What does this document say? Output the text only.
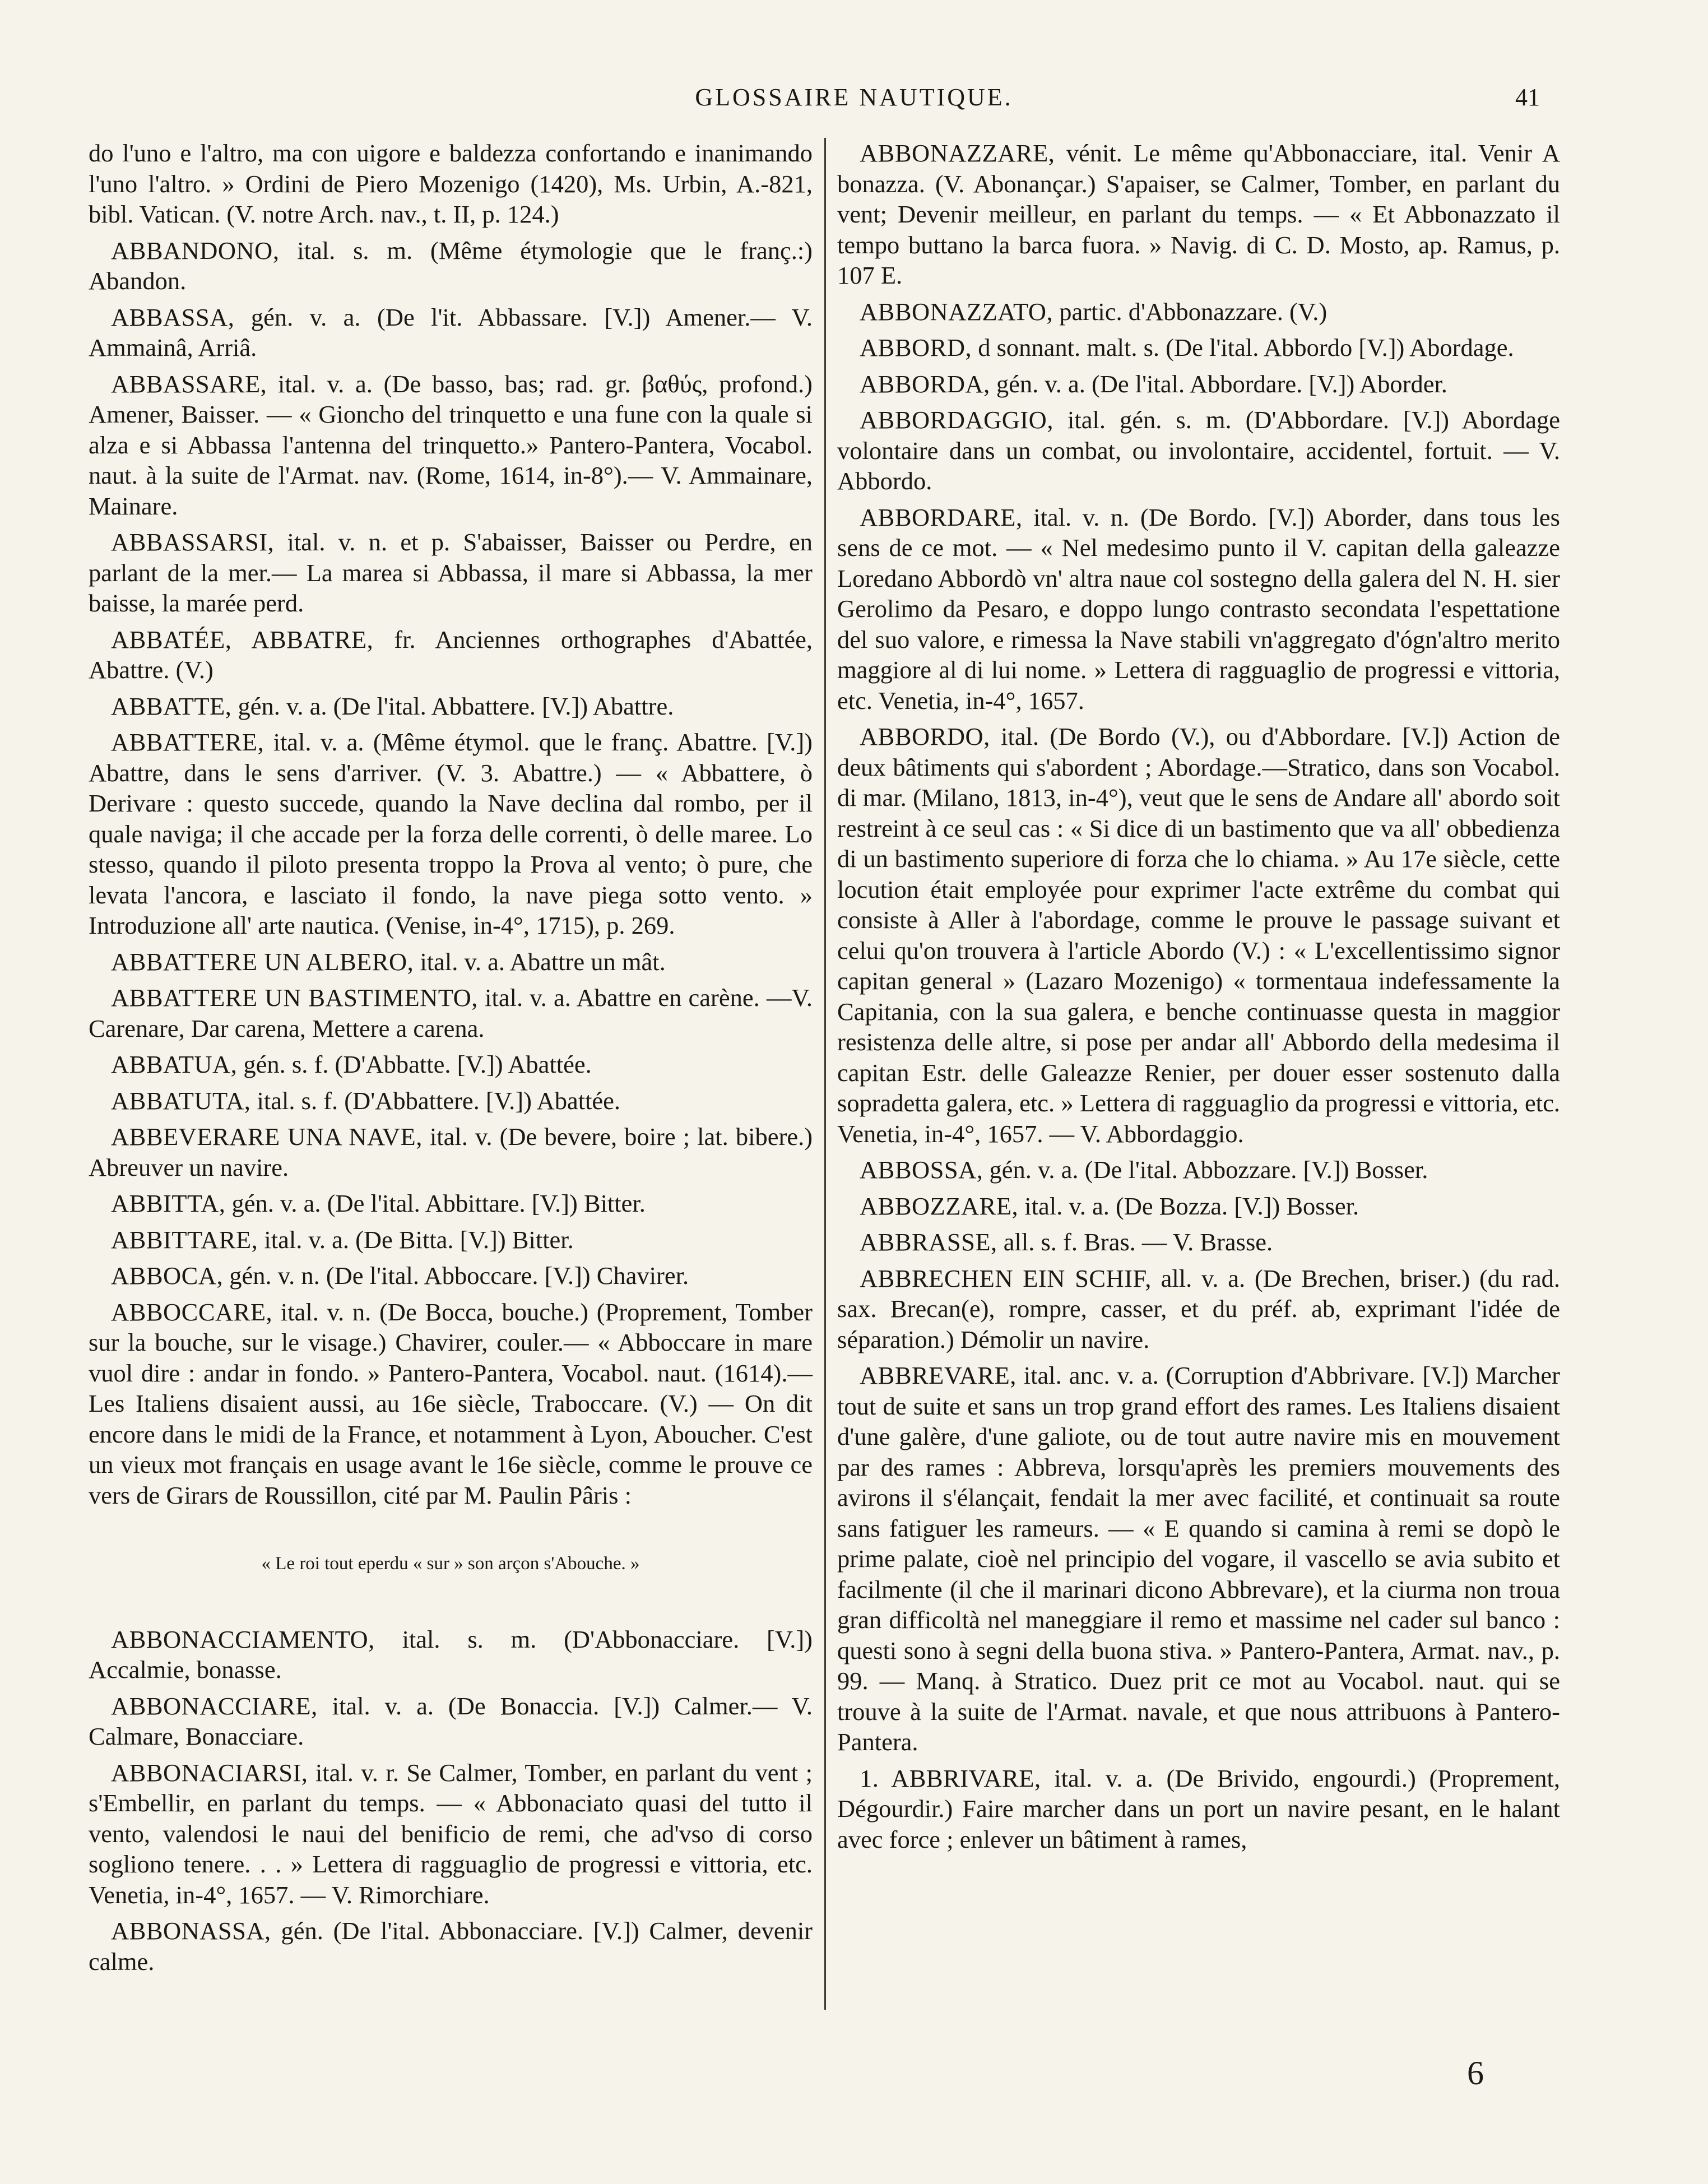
GLOSSAIRE NAUTIQUE.	41

do l'uno e l'altro, ma con uigore e baldezza confortando e inanimando l'uno l'altro. » Ordini de Piero Mozenigo (1420), Ms. Urbin, A.-821, bibl. Vatican. (V. notre Arch. nav., t. II, p. 124.)

ABBANDONO, ital. s. m. (Même étymologie que le franç.:) Abandon.

ABBASSA, gén. v. a. (De l'it. Abbassare. [V.]) Amener.— V. Ammainâ, Arriâ.

ABBASSARE, ital. v. a. (De basso, bas; rad. gr. βαθύς, profond.) Amener, Baisser. — « Gioncho del trinquetto e una fune con la quale si alza e si Abbassa l'antenna del trinquetto.» Pantero-Pantera, Vocabol. naut. à la suite de l'Armat. nav. (Rome, 1614, in-8°).— V. Ammainare, Mainare.

ABBASSARSI, ital. v. n. et p. S'abaisser, Baisser ou Perdre, en parlant de la mer.— La marea si Abbassa, il mare si Abbassa, la mer baisse, la marée perd.

ABBATÉE, ABBATRE, fr. Anciennes orthographes d'Abattée, Abattre. (V.)

ABBATTE, gén. v. a. (De l'ital. Abbattere. [V.]) Abattre.

ABBATTERE, ital. v. a. (Même étymol. que le franç. Abattre. [V.]) Abattre, dans le sens d'arriver. (V. 3. Abattre.) — « Abbattere, ò Derivare : questo succede, quando la Nave declina dal rombo, per il quale naviga; il che accade per la forza delle correnti, ò delle maree. Lo stesso, quando il piloto presenta troppo la Prova al vento; ò pure, che levata l'ancora, e lasciato il fondo, la nave piega sotto vento. » Introduzione all' arte nautica. (Venise, in-4°, 1715), p. 269.

ABBATTERE UN ALBERO, ital. v. a. Abattre un mât.

ABBATTERE UN BASTIMENTO, ital. v. a. Abattre en carène. —V. Carenare, Dar carena, Mettere a carena.

ABBATUA, gén. s. f. (D'Abbatte. [V.]) Abattée.

ABBATUTA, ital. s. f. (D'Abbattere. [V.]) Abattée.

ABBEVERARE UNA NAVE, ital. v. (De bevere, boire ; lat. bibere.) Abreuver un navire.

ABBITTA, gén. v. a. (De l'ital. Abbittare. [V.]) Bitter.

ABBITTARE, ital. v. a. (De Bitta. [V.]) Bitter.

ABBOCA, gén. v. n. (De l'ital. Abboccare. [V.]) Chavirer.

ABBOCCARE, ital. v. n. (De Bocca, bouche.) (Proprement, Tomber sur la bouche, sur le visage.) Chavirer, couler.— « Abboccare in mare vuol dire : andar in fondo. » Pantero-Pantera, Vocabol. naut. (1614).— Les Italiens disaient aussi, au 16e siècle, Traboccare. (V.) — On dit encore dans le midi de la France, et notamment à Lyon, Aboucher. C'est un vieux mot français en usage avant le 16e siècle, comme le prouve ce vers de Girars de Roussillon, cité par M. Paulin Pâris :

« Le roi tout eperdu « sur » son arçon s'Abouche. »

ABBONACCIAMENTO, ital. s. m. (D'Abbonacciare. [V.]) Accalmie, bonasse.

ABBONACCIARE, ital. v. a. (De Bonaccia. [V.]) Calmer.— V. Calmare, Bonacciare.

ABBONACIARSI, ital. v. r. Se Calmer, Tomber, en parlant du vent ; s'Embellir, en parlant du temps. — « Abbonaciato quasi del tutto il vento, valendosi le naui del benificio de remi, che ad'vso di corso sogliono tenere. . . » Lettera di ragguaglio de progressi e vittoria, etc. Venetia, in-4°, 1657. — V. Rimorchiare.

ABBONASSA, gén. (De l'ital. Abbonacciare. [V.]) Calmer, devenir calme.

ABBONAZZARE, vénit. Le même qu'Abbonacciare, ital. Venir A bonazza. (V. Abonançar.) S'apaiser, se Calmer, Tomber, en parlant du vent; Devenir meilleur, en parlant du temps. — « Et Abbonazzato il tempo buttano la barca fuora. » Navig. di C. D. Mosto, ap. Ramus, p. 107 E.

ABBONAZZATO, partic. d'Abbonazzare. (V.)

ABBORD, d sonnant. malt. s. (De l'ital. Abbordo [V.]) Abordage.

ABBORDA, gén. v. a. (De l'ital. Abbordare. [V.]) Aborder.

ABBORDAGGIO, ital. gén. s. m. (D'Abbordare. [V.]) Abordage volontaire dans un combat, ou involontaire, accidentel, fortuit. — V. Abbordo.

ABBORDARE, ital. v. n. (De Bordo. [V.]) Aborder, dans tous les sens de ce mot. — « Nel medesimo punto il V. capitan della galeazze Loredano Abbordò vn' altra naue col sostegno della galera del N. H. sier Gerolimo da Pesaro, e doppo lungo contrasto secondata l'espettatione del suo valore, e rimessa la Nave stabili vn'aggregato d'ógn'altro merito maggiore al di lui nome. » Lettera di ragguaglio de progressi e vittoria, etc. Venetia, in-4°, 1657.

ABBORDO, ital. (De Bordo (V.), ou d'Abbordare. [V.]) Action de deux bâtiments qui s'abordent ; Abordage.—Stratico, dans son Vocabol. di mar. (Milano, 1813, in-4°), veut que le sens de Andare all' abordo soit restreint à ce seul cas : « Si dice di un bastimento que va all' obbedienza di un bastimento superiore di forza che lo chiama. » Au 17e siècle, cette locution était employée pour exprimer l'acte extrême du combat qui consiste à Aller à l'abordage, comme le prouve le passage suivant et celui qu'on trouvera à l'article Abordo (V.) : « L'excellentissimo signor capitan general » (Lazaro Mozenigo) « tormentaua indefessamente la Capitania, con la sua galera, e benche continuasse questa in maggior resistenza delle altre, si pose per andar all' Abbordo della medesima il capitan Estr. delle Galeazze Renier, per douer esser sostenuto dalla sopradetta galera, etc. » Lettera di ragguaglio da progressi e vittoria, etc. Venetia, in-4°, 1657. — V. Abbordaggio.

ABBOSSA, gén. v. a. (De l'ital. Abbozzare. [V.]) Bosser.

ABBOZZARE, ital. v. a. (De Bozza. [V.]) Bosser.

ABBRASSE, all. s. f. Bras. — V. Brasse.

ABBRECHEN EIN SCHIF, all. v. a. (De Brechen, briser.) (du rad. sax. Brecan(e), rompre, casser, et du préf. ab, exprimant l'idée de séparation.) Démolir un navire.

ABBREVARE, ital. anc. v. a. (Corruption d'Abbrivare. [V.]) Marcher tout de suite et sans un trop grand effort des rames. Les Italiens disaient d'une galère, d'une galiote, ou de tout autre navire mis en mouvement par des rames : Abbreva, lorsqu'après les premiers mouvements des avirons il s'élançait, fendait la mer avec facilité, et continuait sa route sans fatiguer les rameurs. — « E quando si camina à remi se dopò le prime palate, cioè nel principio del vogare, il vascello se avia subito et facilmente (il che il marinari dicono Abbrevare), et la ciurma non troua gran difficoltà nel maneggiare il remo et massime nel cader sul banco : questi sono à segni della buona stiva. » Pantero-Pantera, Armat. nav., p. 99. — Manq. à Stratico. Duez prit ce mot au Vocabol. naut. qui se trouve à la suite de l'Armat. navale, et que nous attribuons à Pantero-Pantera.

1. ABBRIVARE, ital. v. a. (De Brivido, engourdi.) (Proprement, Dégourdir.) Faire marcher dans un port un navire pesant, en le halant avec force ; enlever un bâtiment à rames,

6
